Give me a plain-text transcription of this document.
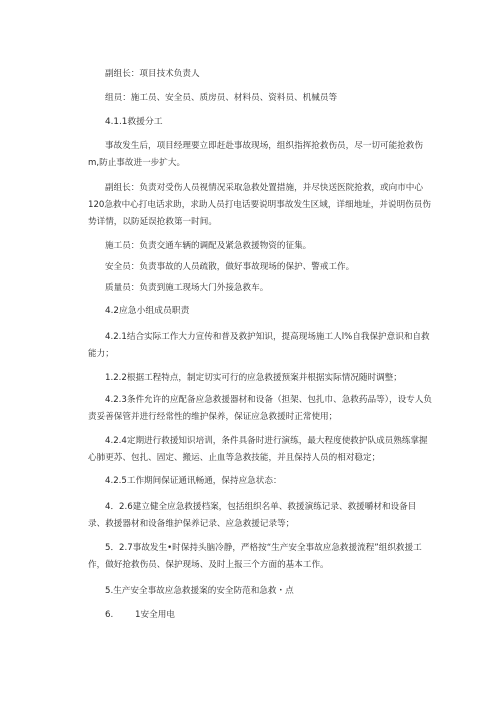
副组长：项目技术负责人

组员：施工员、安全员、质房员、材料员、资料员、机械员等

4.1.1救援分工

事故发生后，项目经理要立即赶赴事故现场，组织指挥抢救伤员，尽一切可能抢救伤m,防止事故进一步扩大。

副组长：负责对受伤人员视情况采取急救处置措施，并尽快送医院抢救，或向市中心120急救中心打电话求助，求助人员打电话要说明事故发生区域，详细地址，并说明伤员伤势详情，以防延误抢救第一时间。

施工员：负责交通车辆的调配及紧急救援物资的征集。

安全员：负责事故的人员疏散，做好事故现场的保护、警戒工作。

质量员：负责到施工现场大门外接急救车。

4.2应急小组成员职责

4.2.1结合实际工作大力宣传和普及救护知识，提高现场施工人l%自我保护意识和自救能力；

1.2.2根据工程特点，制定切实可行的应急救援预案并根据实际情况随时调整；

4.2.3条件允许的应配备应急救援器材和设备（担架、包扎巾、急救药品等），设专人负责妥善保管并进行经常性的维护保养，保证应急救援时正常使用；

4.2.4定期进行救援知识培训，条件具备时进行演练，最大程度使救护队成员熟练掌握心肺更苏、包扎、固定、搬运、止血等急救技能，并且保持人员的相对稳定；

4.2.5工作期间保证通讯畅通，保持应急状态：

4．2.6建立健全应急救援档案，包括组织名单、救援演练记录、救援嚼材和设备目录、救援器材和设备维护保养记录、应急救援记录等；

5．2.7事故发生•时保持头脑冷静，严格按“生产安全事故应急救援流程”组织救援工作，做好抢救伤员、保护现场、及时上报三个方面的基本工作。

5.生产安全事故应急救援案的安全防范和急救・点

6.        1安全用电
